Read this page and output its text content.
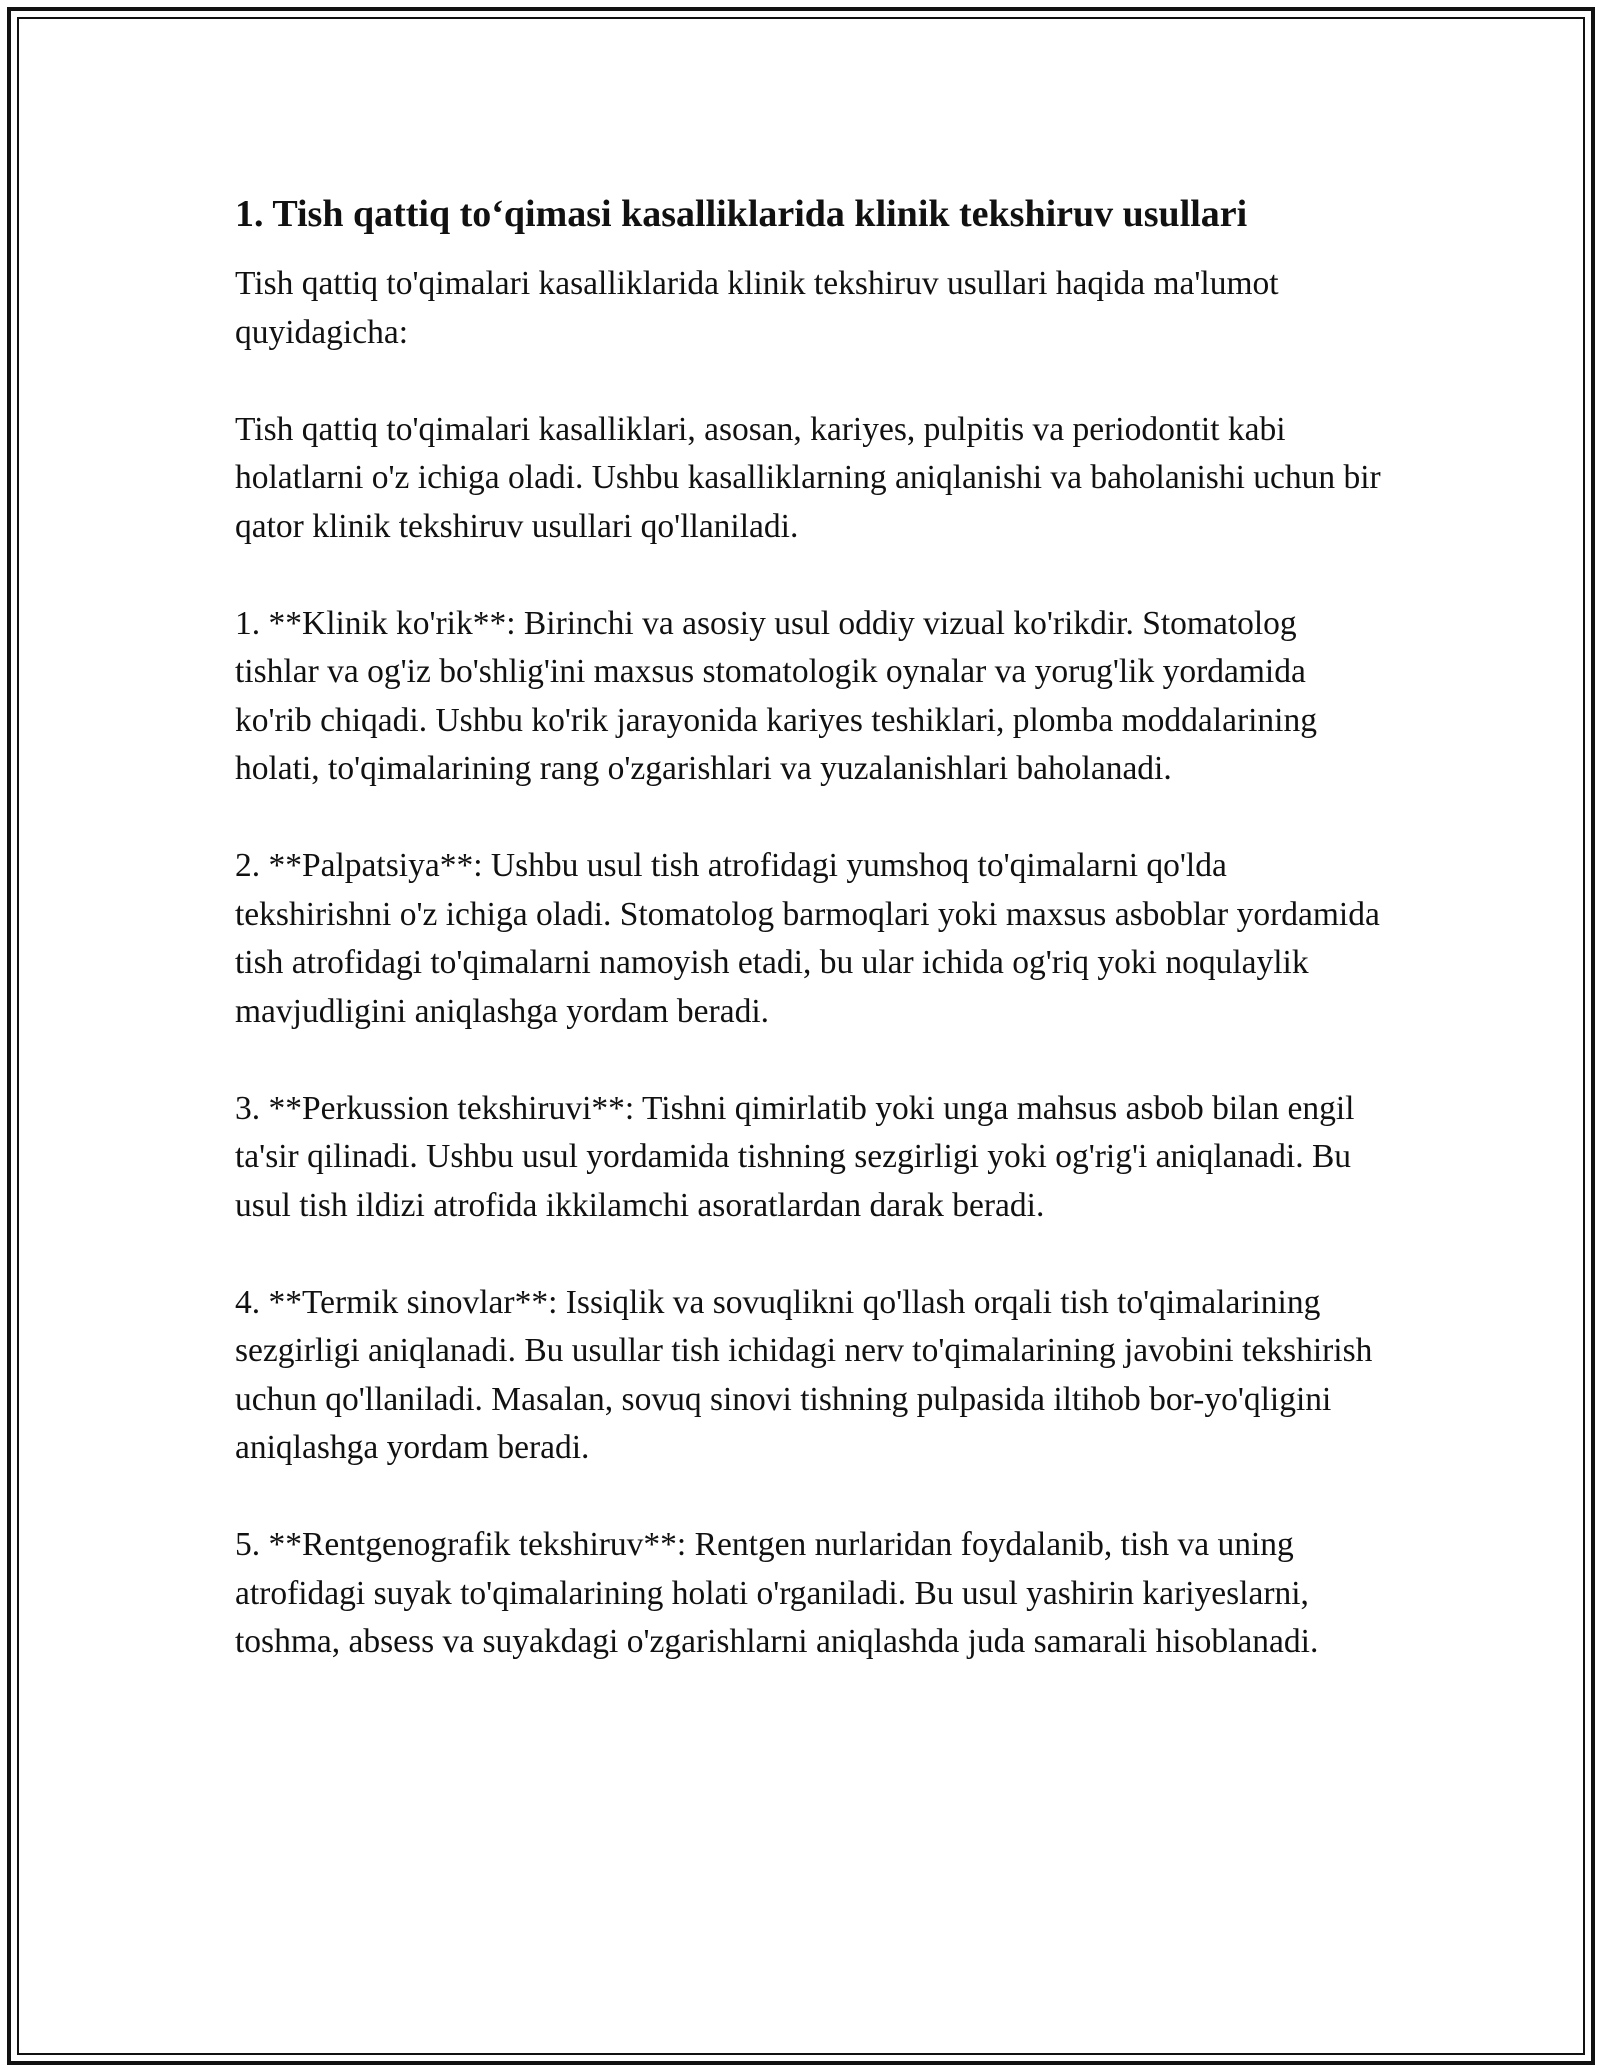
1. Tish qattiq to‘qimasi kasalliklarida klinik tekshiruv usullari

Tish qattiq to'qimalari kasalliklarida klinik tekshiruv usullari haqida ma'lumot quyidagicha:

Tish qattiq to'qimalari kasalliklari, asosan, kariyes, pulpitis va periodontit kabi holatlarni o'z ichiga oladi. Ushbu kasalliklarning aniqlanishi va baholanishi uchun bir qator klinik tekshiruv usullari qo'llaniladi.

1. **Klinik ko'rik**: Birinchi va asosiy usul oddiy vizual ko'rikdir. Stomatolog tishlar va og'iz bo'shlig'ini maxsus stomatologik oynalar va yorug'lik yordamida ko'rib chiqadi. Ushbu ko'rik jarayonida kariyes teshiklari, plomba moddalarining holati, to'qimalarining rang o'zgarishlari va yuzalanishlari baholanadi.

2. **Palpatsiya**: Ushbu usul tish atrofidagi yumshoq to'qimalarni qo'lda tekshirishni o'z ichiga oladi. Stomatolog barmoqlari yoki maxsus asboblar yordamida tish atrofidagi to'qimalarni namoyish etadi, bu ular ichida og'riq yoki noqulaylik mavjudligini aniqlashga yordam beradi.

3. **Perkussion tekshiruvi**: Tishni qimirlatib yoki unga mahsus asbob bilan engil ta'sir qilinadi. Ushbu usul yordamida tishning sezgirligi yoki og'rig'i aniqlanadi. Bu usul tish ildizi atrofida ikkilamchi asoratlardan darak beradi.

4. **Termik sinovlar**: Issiqlik va sovuqlikni qo'llash orqali tish to'qimalarining sezgirligi aniqlanadi. Bu usullar tish ichidagi nerv to'qimalarining javobini tekshirish uchun qo'llaniladi. Masalan, sovuq sinovi tishning pulpasida iltihob bor-yo'qligini aniqlashga yordam beradi.

5. **Rentgenografik tekshiruv**: Rentgen nurlaridan foydalanib, tish va uning atrofidagi suyak to'qimalarining holati o'rganiladi. Bu usul yashirin kariyeslarni, toshma, absess va suyakdagi o'zgarishlarni aniqlashda juda samarali hisoblanadi.
